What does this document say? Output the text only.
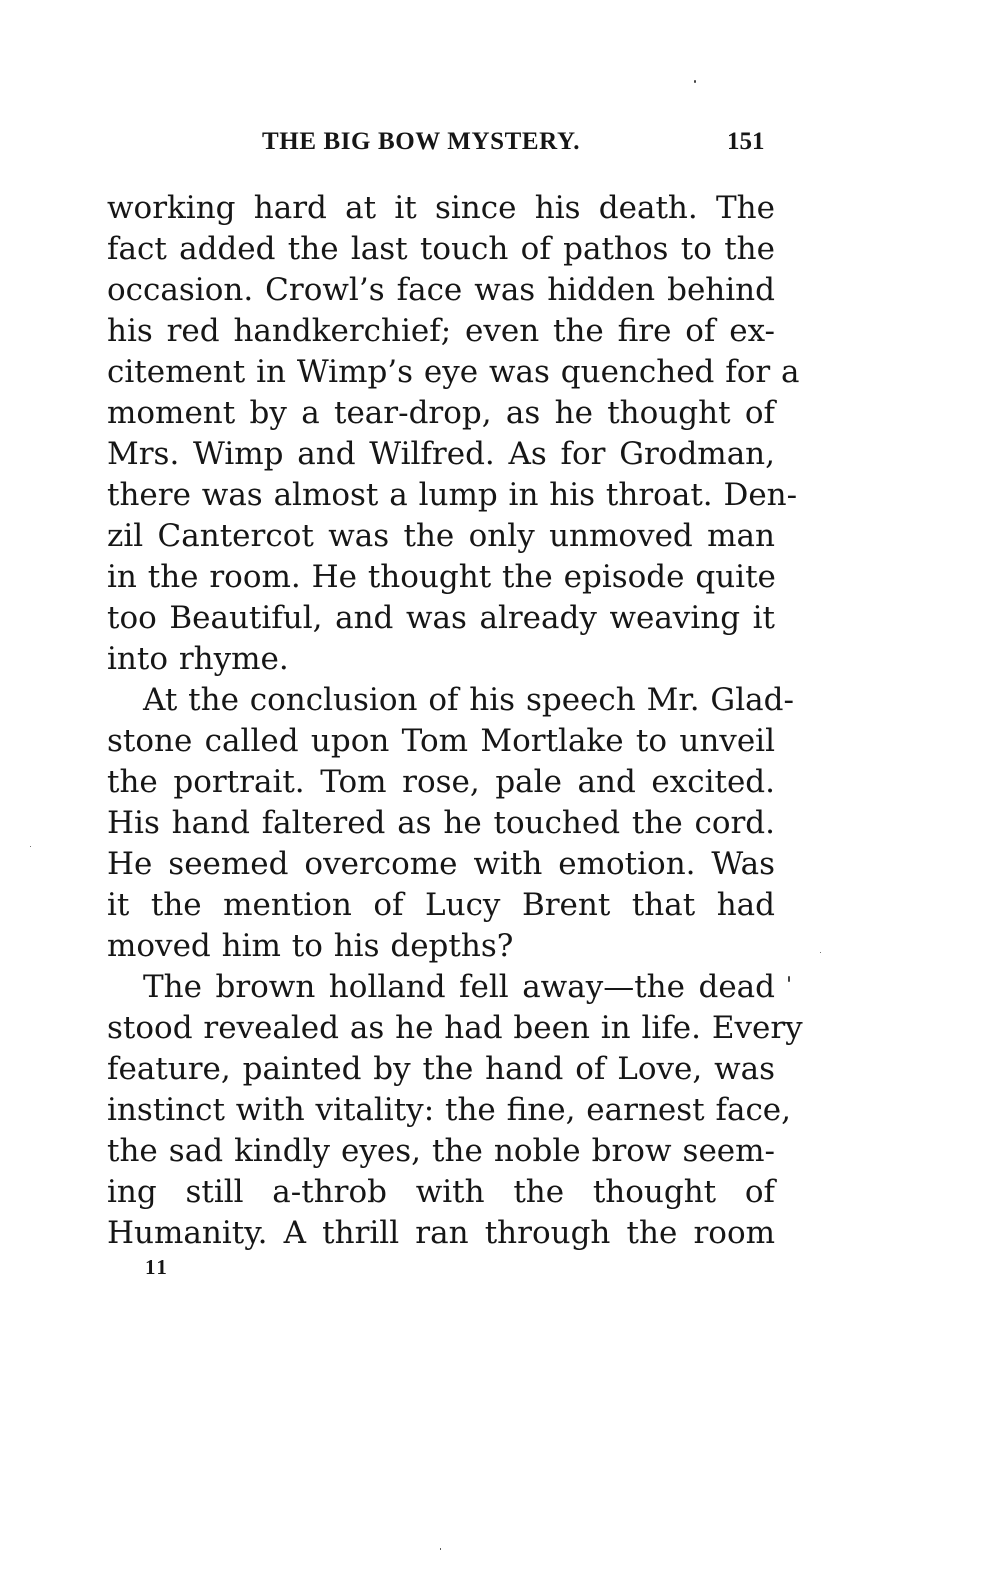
THE BIG BOW MYSTERY.	151
working hard at it since his death. The
fact added the last touch of pathos to the
occasion. Crowl’s face was hidden behind
his red handkerchief; even the fire of ex-
citement in Wimp’s eye was quenched for a
moment by a tear-drop, as he thought of
Mrs. Wimp and Wilfred. As for Grodman,
there was almost a lump in his throat. Den-
zil Cantercot was the only unmoved man
in the room. He thought the episode quite
too Beautiful, and was already weaving it
into rhyme.
At the conclusion of his speech Mr. Glad-
stone called upon Tom Mortlake to unveil
the portrait. Tom rose, pale and excited.
His hand faltered as he touched the cord.
He seemed overcome with emotion. Was
it the mention of Lucy Brent that had
moved him to his depths?
The brown holland fell away—the dead
stood revealed as he had been in life. Every
feature, painted by the hand of Love, was
instinct with vitality: the fine, earnest face,
the sad kindly eyes, the noble brow seem-
ing still a-throb with the thought of
Humanity. A thrill ran through the room
11
